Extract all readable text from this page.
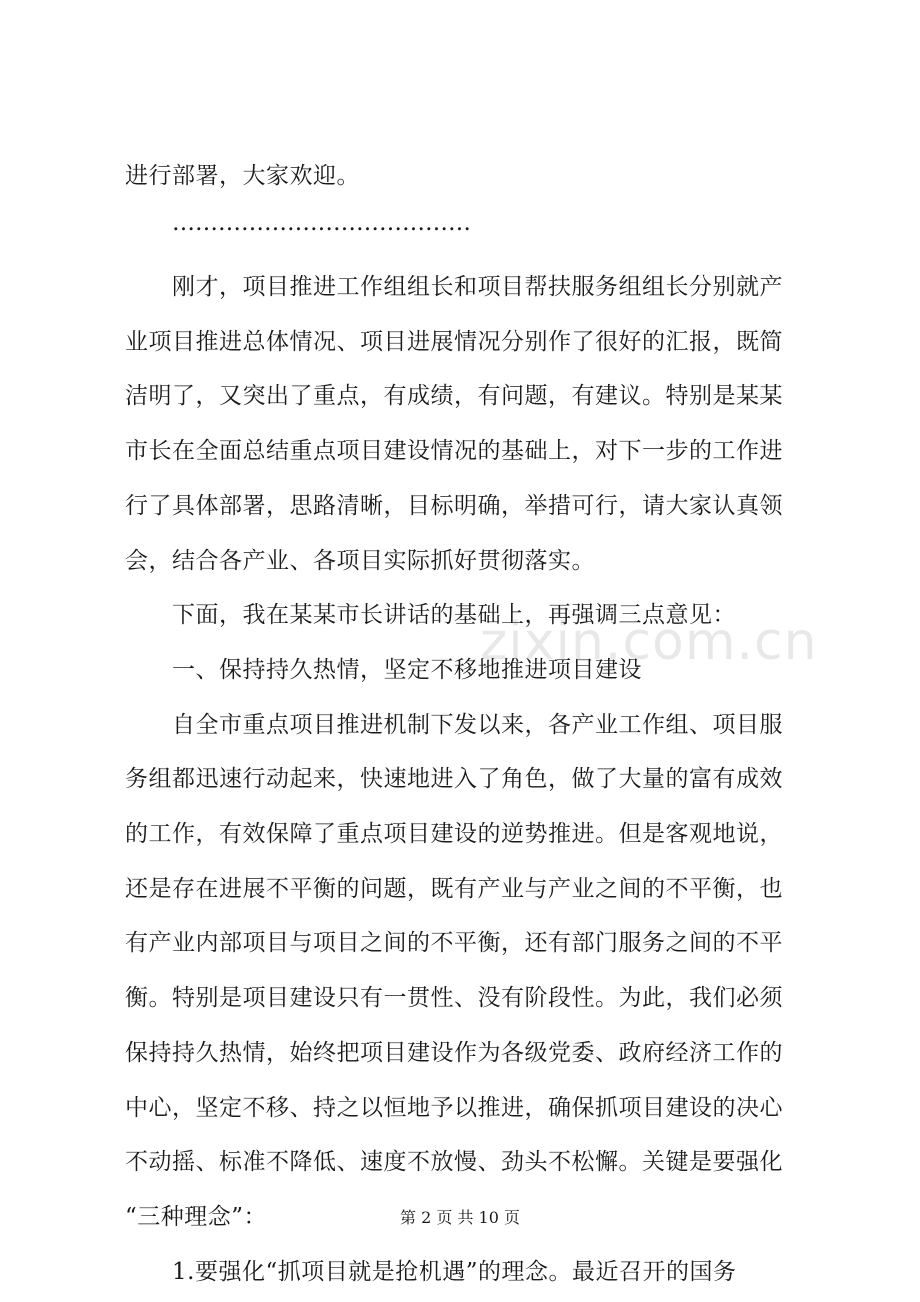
zixin.com.cn
进行部署，大家欢迎。
…………………………………
刚才，项目推进工作组组长和项目帮扶服务组组长分别就产
业项目推进总体情况、项目进展情况分别作了很好的汇报，既简
洁明了，又突出了重点，有成绩，有问题，有建议。特别是某某
市长在全面总结重点项目建设情况的基础上，对下一步的工作进
行了具体部署，思路清晰，目标明确，举措可行，请大家认真领
会，结合各产业、各项目实际抓好贯彻落实。
下面，我在某某市长讲话的基础上，再强调三点意见：
一、保持持久热情，坚定不移地推进项目建设
自全市重点项目推进机制下发以来，各产业工作组、项目服
务组都迅速行动起来，快速地进入了角色，做了大量的富有成效
的工作，有效保障了重点项目建设的逆势推进。但是客观地说，
还是存在进展不平衡的问题，既有产业与产业之间的不平衡，也
有产业内部项目与项目之间的不平衡，还有部门服务之间的不平
衡。特别是项目建设只有一贯性、没有阶段性。为此，我们必须
保持持久热情，始终把项目建设作为各级党委、政府经济工作的
中心，坚定不移、持之以恒地予以推进，确保抓项目建设的决心
不动摇、标准不降低、速度不放慢、劲头不松懈。关键是要强化
“三种理念”：
1.要强化“抓项目就是抢机遇”的理念。最近召开的国务
第 2 页 共 10 页
